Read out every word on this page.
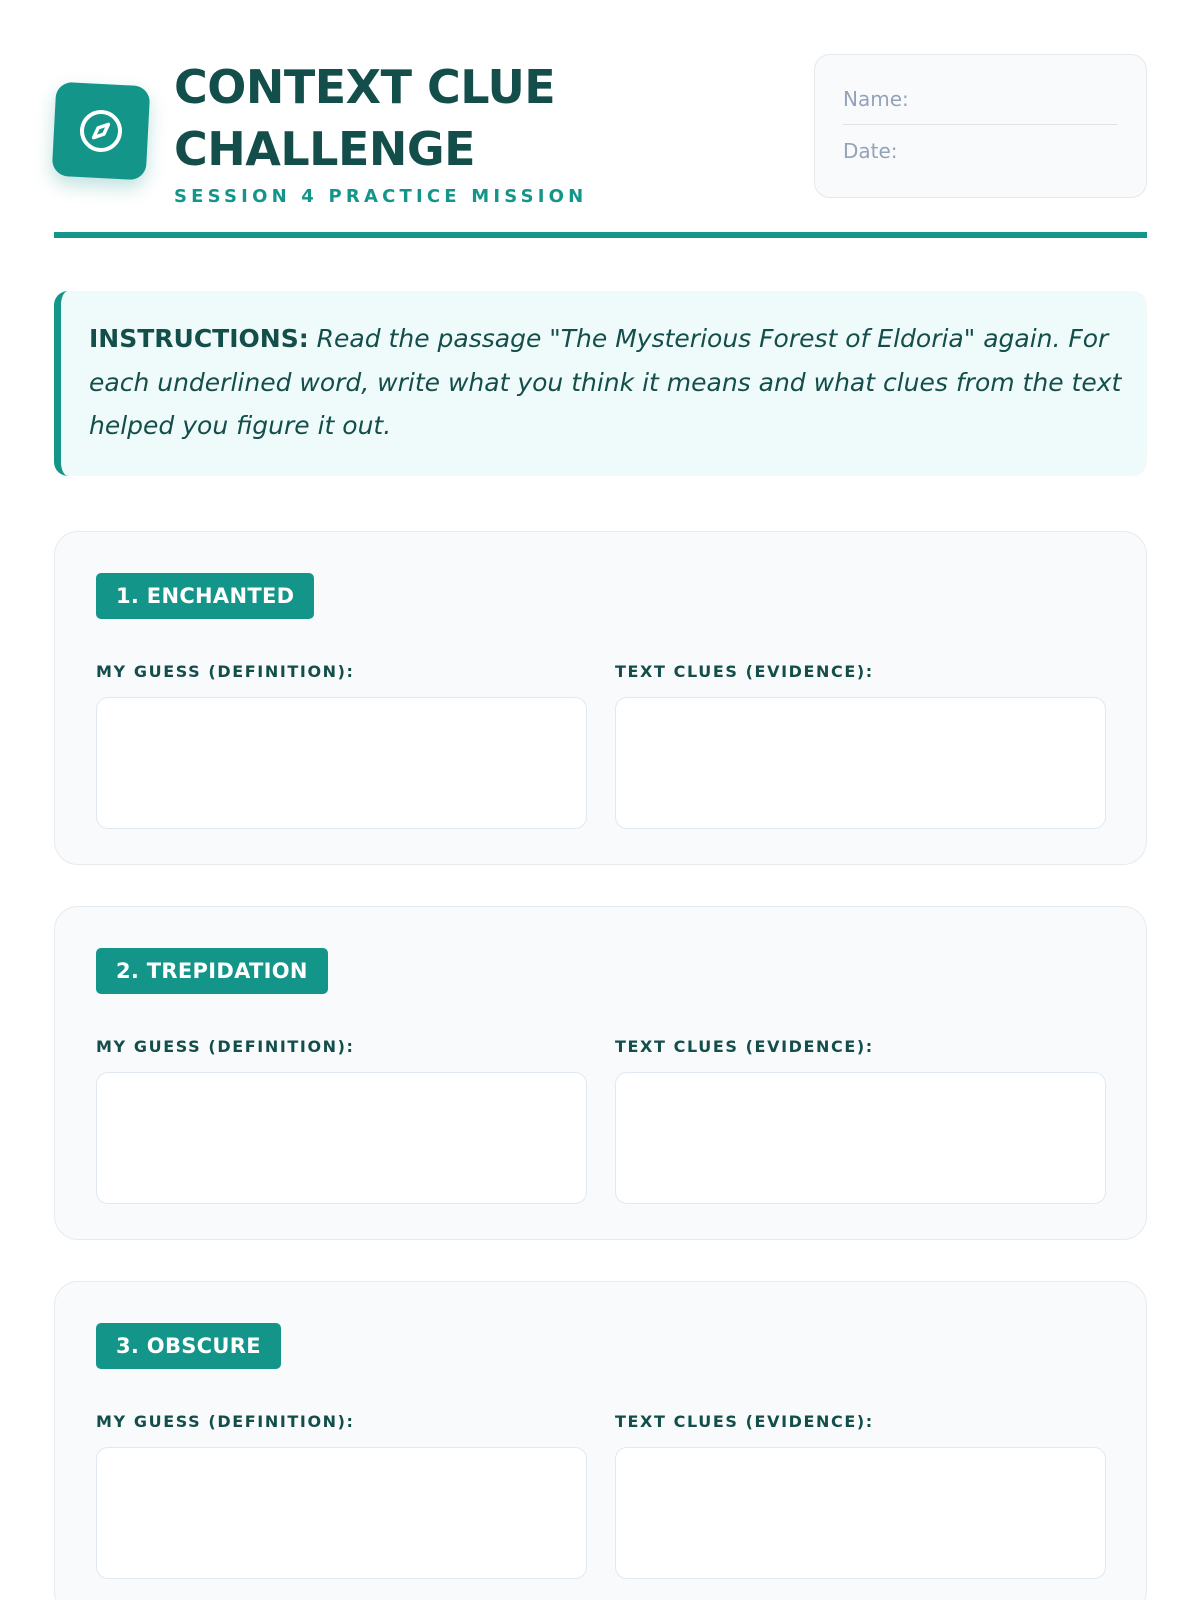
CONTEXT CLUE
CHALLENGE
SESSION 4 PRACTICE MISSION
Name:
Date:
INSTRUCTIONS: Read the passage "The Mysterious Forest of Eldoria" again. For each underlined word, write what you think it means and what clues from the text helped you figure it out.
1. ENCHANTED
MY GUESS (DEFINITION):	TEXT CLUES (EVIDENCE):
2. TREPIDATION
MY GUESS (DEFINITION):	TEXT CLUES (EVIDENCE):
3. OBSCURE
MY GUESS (DEFINITION):	TEXT CLUES (EVIDENCE):
